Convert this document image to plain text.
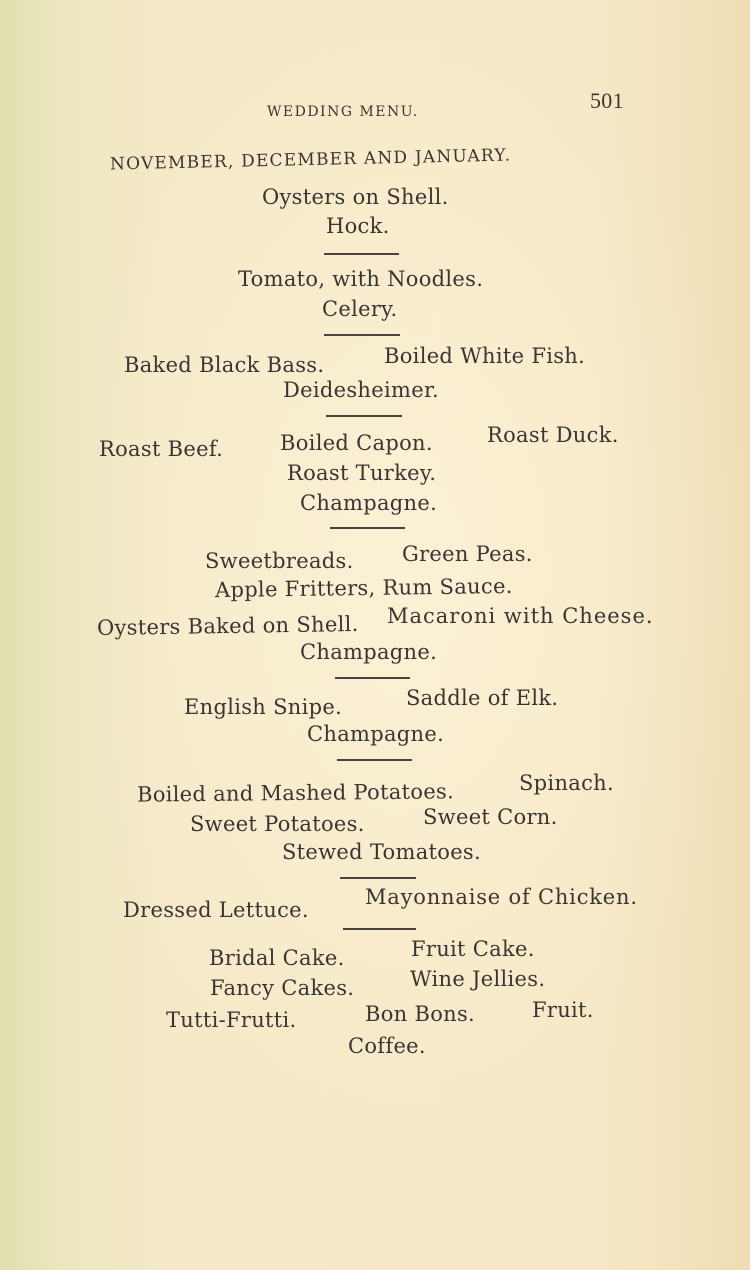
WEDDING MENU.	501
NOVEMBER, DECEMBER AND JANUARY.
Oysters on Shell.
Hock.
Tomato, with Noodles.
Celery.
Baked Black Bass.	Boiled White Fish.
Deidesheimer.
Roast Beef.	Boiled Capon.	Roast Duck.
Roast Turkey.
Champagne.
Sweetbreads. Green Peas.
Apple Fritters, Rum Sauce.
Oysters Baked on Shell. Macaroni with Cheese.
Champagne.
English Snipe.	Saddle of Elk.
Champagne.
Boiled and Mashed Potatoes.	Spinach.
Sweet Potatoes.	Sweet Corn.
Stewed Tomatoes.
Dressed Lettuce.
Mayonnaise of Chicken.
Bridal Cake.	Fruit Cake.
Fancy Cakes.	Wine Jellies.
Tutti-Frutti.	Bon Bons.	Fruit.
Coffee.
